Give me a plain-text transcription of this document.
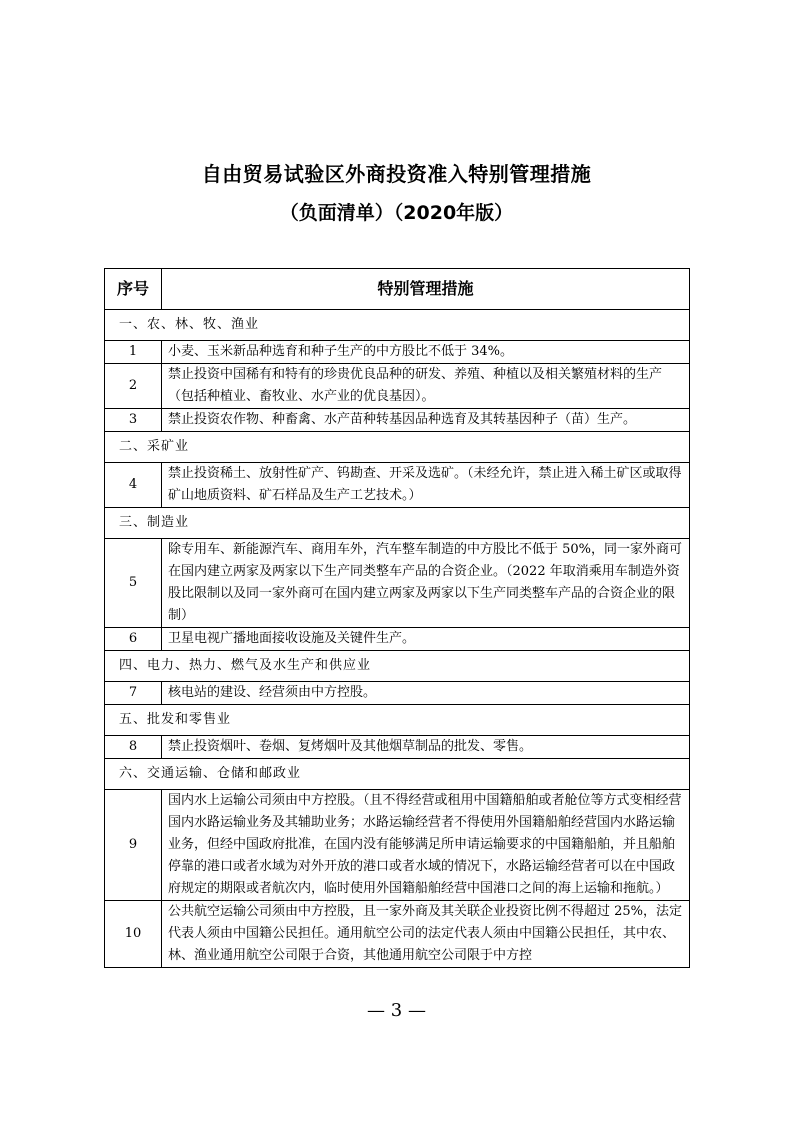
自由贸易试验区外商投资准入特别管理措施
（负面清单）（2020年版）
序号	特别管理措施
一、农、林、牧、渔业	
1	小麦、玉米新品种选育和种子生产的中方股比不低于 34%。
2	禁止投资中国稀有和特有的珍贵优良品种的研发、养殖、种植以及相关繁殖材料的生产（包括种植业、畜牧业、水产业的优良基因）。
3	禁止投资农作物、种畜禽、水产苗种转基因品种选育及其转基因种子（苗）生产。
二、采矿业	
4	禁止投资稀土、放射性矿产、钨勘查、开采及选矿。（未经允许，禁止进入稀土矿区或取得矿山地质资料、矿石样品及生产工艺技术。）
三、制造业	
5	除专用车、新能源汽车、商用车外，汽车整车制造的中方股比不低于 50%，同一家外商可在国内建立两家及两家以下生产同类整车产品的合资企业。（2022 年取消乘用车制造外资股比限制以及同一家外商可在国内建立两家及两家以下生产同类整车产品的合资企业的限制）
6	卫星电视广播地面接收设施及关键件生产。
四、电力、热力、燃气及水生产和供应业	
7	核电站的建设、经营须由中方控股。
五、批发和零售业	
8	禁止投资烟叶、卷烟、复烤烟叶及其他烟草制品的批发、零售。
六、交通运输、仓储和邮政业	
9	国内水上运输公司须由中方控股。（且不得经营或租用中国籍船舶或者舱位等方式变相经营国内水路运输业务及其辅助业务；水路运输经营者不得使用外国籍船舶经营国内水路运输业务，但经中国政府批准，在国内没有能够满足所申请运输要求的中国籍船舶，并且船舶停靠的港口或者水域为对外开放的港口或者水域的情况下，水路运输经营者可以在中国政府规定的期限或者航次内，临时使用外国籍船舶经营中国港口之间的海上运输和拖航。）
10	公共航空运输公司须由中方控股，且一家外商及其关联企业投资比例不得超过 25%，法定代表人须由中国籍公民担任。通用航空公司的法定代表人须由中国籍公民担任，其中农、林、渔业通用航空公司限于合资，其他通用航空公司限于中方控
— 3 —
